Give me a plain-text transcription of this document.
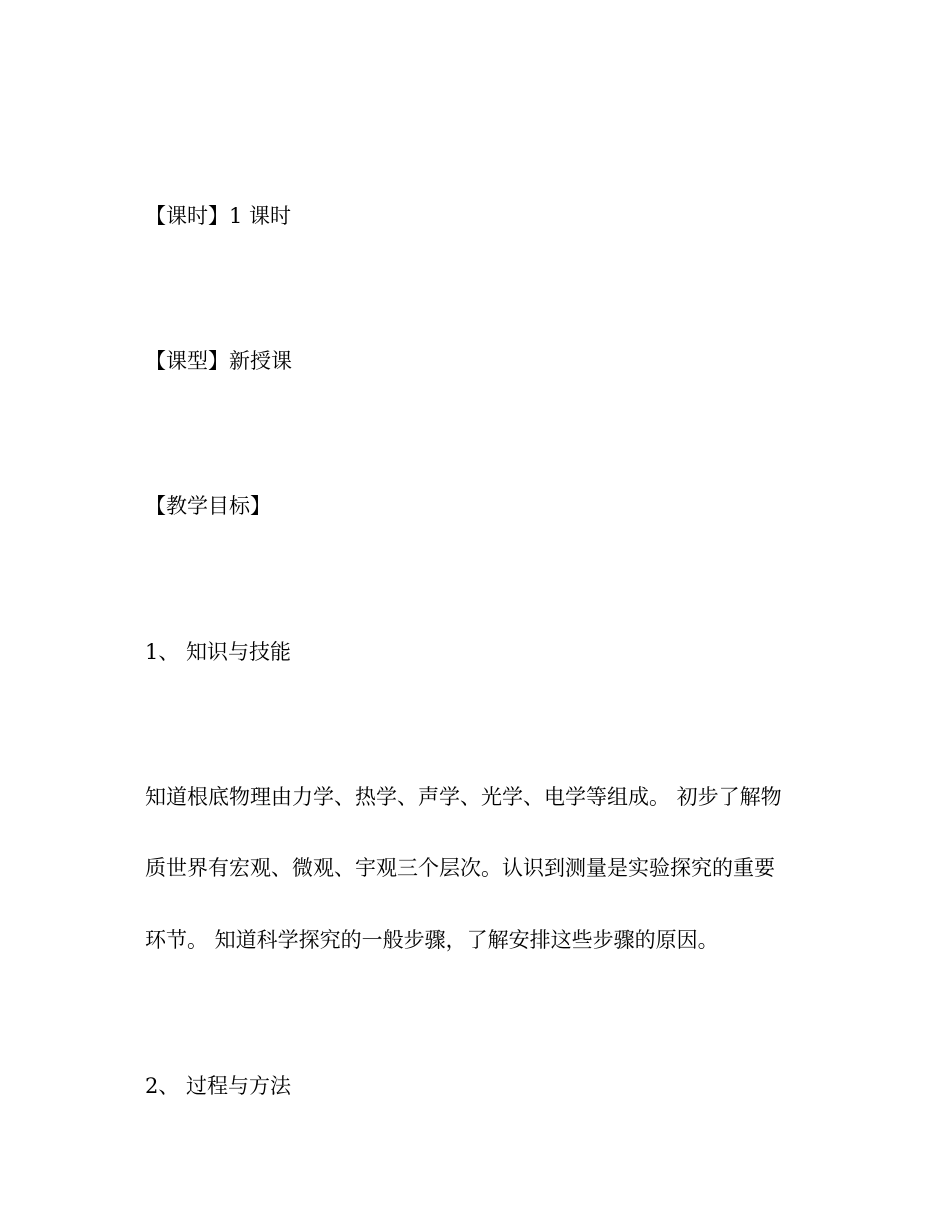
【课时】1 课时
【课型】新授课
【教学目标】
1、 知识与技能
知道根底物理由力学、热学、声学、光学、电学等组成。 初步了解物
质世界有宏观、微观、宇观三个层次。认识到测量是实验探究的重要
环节。 知道科学探究的一般步骤，了解安排这些步骤的原因。
2、 过程与方法
